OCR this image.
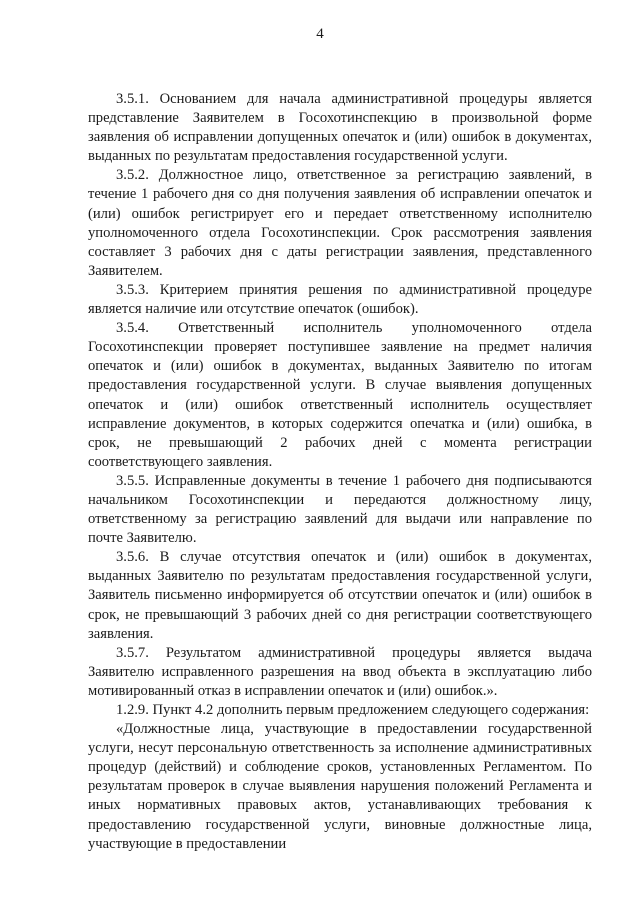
4

3.5.1. Основанием для начала административной процедуры является представление Заявителем в Госохотинспекцию в произвольной форме заявления об исправлении допущенных опечаток и (или) ошибок в документах, выданных по результатам предоставления государственной услуги.

3.5.2. Должностное лицо, ответственное за регистрацию заявлений, в течение 1 рабочего дня со дня получения заявления об исправлении опечаток и (или) ошибок регистрирует его и передает ответственному исполнителю уполномоченного отдела Госохотинспекции. Срок рассмотрения заявления составляет 3 рабочих дня с даты регистрации заявления, представленного Заявителем.

3.5.3. Критерием принятия решения по административной процедуре является наличие или отсутствие опечаток (ошибок).

3.5.4. Ответственный исполнитель уполномоченного отдела Госохотинспекции проверяет поступившее заявление на предмет наличия опечаток и (или) ошибок в документах, выданных Заявителю по итогам предоставления государственной услуги. В случае выявления допущенных опечаток и (или) ошибок ответственный исполнитель осуществляет исправление документов, в которых содержится опечатка и (или) ошибка, в срок, не превышающий 2 рабочих дней с момента регистрации соответствующего заявления.

3.5.5. Исправленные документы в течение 1 рабочего дня подписываются начальником Госохотинспекции и передаются должностному лицу, ответственному за регистрацию заявлений для выдачи или направление по почте Заявителю.

3.5.6. В случае отсутствия опечаток и (или) ошибок в документах, выданных Заявителю по результатам предоставления государственной услуги, Заявитель письменно информируется об отсутствии опечаток и (или) ошибок в срок, не превышающий 3 рабочих дней со дня регистрации соответствующего заявления.

3.5.7. Результатом административной процедуры является выдача Заявителю исправленного разрешения на ввод объекта в эксплуатацию либо мотивированный отказ в исправлении опечаток и (или) ошибок.».

1.2.9. Пункт 4.2 дополнить первым предложением следующего содержания:

«Должностные лица, участвующие в предоставлении государственной услуги, несут персональную ответственность за исполнение административных процедур (действий) и соблюдение сроков, установленных Регламентом. По результатам проверок в случае выявления нарушения положений Регламента и иных нормативных правовых актов, устанавливающих требования к предоставлению государственной услуги, виновные должностные лица, участвующие в предоставлении
